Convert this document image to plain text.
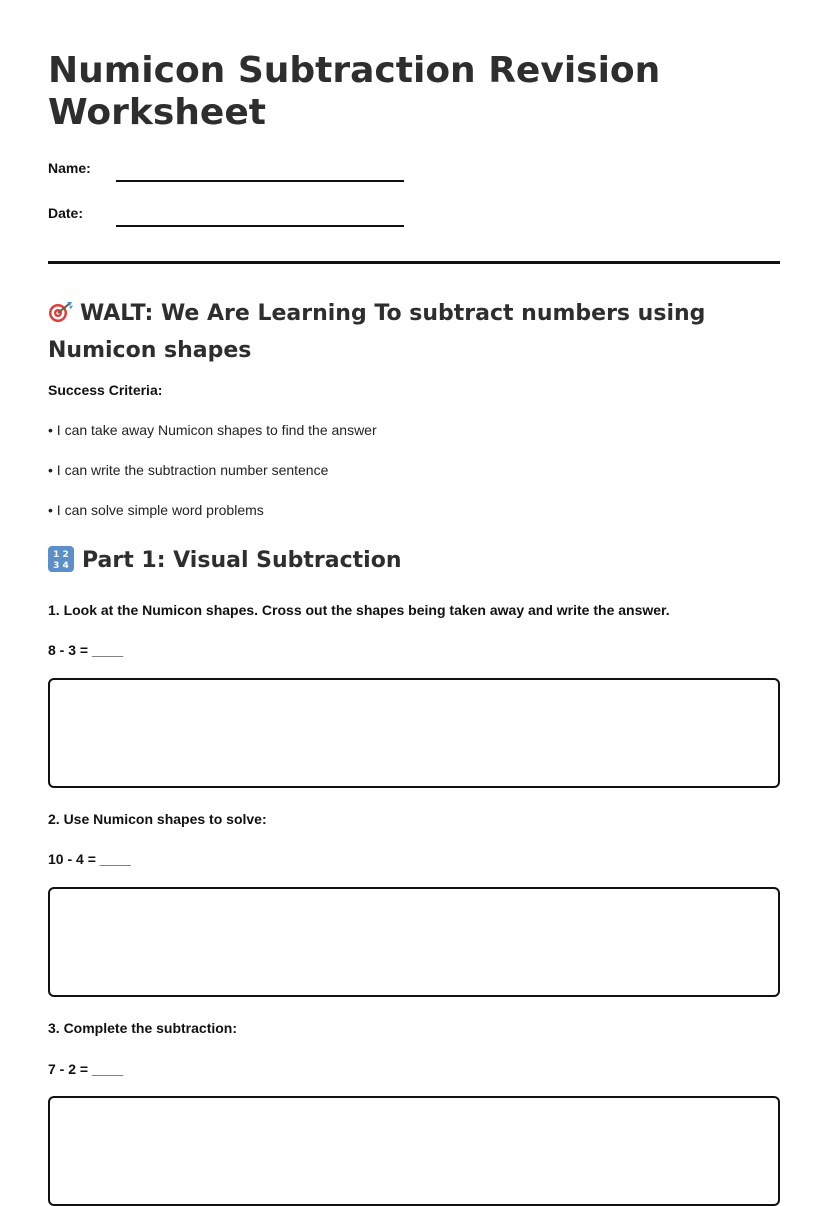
Numicon Subtraction Revision Worksheet
Name:
Date:
WALT: We Are Learning To subtract numbers using Numicon shapes
Success Criteria:
• I can take away Numicon shapes to find the answer
• I can write the subtraction number sentence
• I can solve simple word problems
1 2
3 4 Part 1: Visual Subtraction
1. Look at the Numicon shapes. Cross out the shapes being taken away and write the answer.
8 - 3 = ____
2. Use Numicon shapes to solve:
10 - 4 = ____
3. Complete the subtraction:
7 - 2 = ____
